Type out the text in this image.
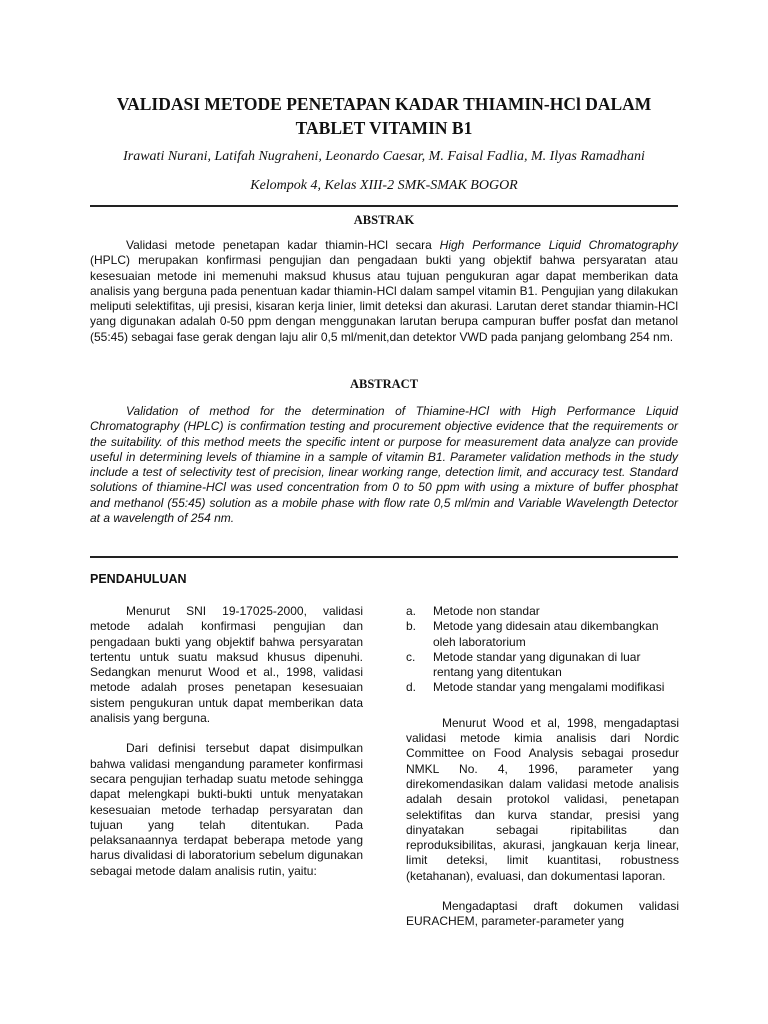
VALIDASI METODE PENETAPAN KADAR THIAMIN-HCl DALAM TABLET VITAMIN B1
Irawati Nurani, Latifah Nugraheni, Leonardo Caesar, M. Faisal Fadlia, M. Ilyas Ramadhani
Kelompok 4, Kelas XIII-2 SMK-SMAK BOGOR
ABSTRAK

Validasi metode penetapan kadar thiamin-HCl secara High Performance Liquid Chromatography (HPLC) merupakan konfirmasi pengujian dan pengadaan bukti yang objektif bahwa persyaratan atau kesesuaian metode ini memenuhi maksud khusus atau tujuan pengukuran agar dapat memberikan data analisis yang berguna pada penentuan kadar thiamin-HCl dalam sampel vitamin B1. Pengujian yang dilakukan meliputi selektifitas, uji presisi, kisaran kerja linier, limit deteksi dan akurasi. Larutan deret standar thiamin-HCl yang digunakan adalah 0-50 ppm dengan menggunakan larutan berupa campuran buffer posfat dan metanol (55:45) sebagai fase gerak dengan laju alir 0,5 ml/menit,dan detektor VWD pada panjang gelombang 254 nm.

ABSTRACT

Validation of method for the determination of Thiamine-HCl with High Performance Liquid Chromatography (HPLC) is confirmation testing and procurement objective evidence that the requirements or the suitability. of this method meets the specific intent or purpose for measurement data analyze can provide useful in determining levels of thiamine in a sample of vitamin B1. Parameter validation methods in the study include a test of selectivity test of precision, linear working range, detection limit, and accuracy test. Standard solutions of thiamine-HCl was used concentration from 0 to 50 ppm with using a mixture of buffer phosphat and methanol (55:45) solution as a mobile phase with flow rate 0,5 ml/min and Variable Wavelength Detector at a wavelength of 254 nm.

PENDAHULUAN

Menurut SNI 19-17025-2000, validasi metode adalah konfirmasi pengujian dan pengadaan bukti yang objektif bahwa persyaratan tertentu untuk suatu maksud khusus dipenuhi. Sedangkan menurut Wood et al., 1998, validasi metode adalah proses penetapan kesesuaian sistem pengukuran untuk dapat memberikan data analisis yang berguna.

Dari definisi tersebut dapat disimpulkan bahwa validasi mengandung parameter konfirmasi secara pengujian terhadap suatu metode sehingga dapat melengkapi bukti-bukti untuk menyatakan kesesuaian metode terhadap persyaratan dan tujuan yang telah ditentukan. Pada pelaksanaannya terdapat beberapa metode yang harus divalidasi di laboratorium sebelum digunakan sebagai metode dalam analisis rutin, yaitu:

a.	Metode non standar
b.	Metode yang didesain atau dikembangkan oleh laboratorium
c.	Metode standar yang digunakan di luar rentang yang ditentukan
d.	Metode standar yang mengalami modifikasi

Menurut Wood et al, 1998, mengadaptasi validasi metode kimia analisis dari Nordic Committee on Food Analysis sebagai prosedur NMKL No. 4, 1996, parameter yang direkomendasikan dalam validasi metode analisis adalah desain protokol validasi, penetapan selektifitas dan kurva standar, presisi yang dinyatakan sebagai ripitabilitas dan reproduksibilitas, akurasi, jangkauan kerja linear, limit deteksi, limit kuantitasi, robustness (ketahanan), evaluasi, dan dokumentasi laporan.

Mengadaptasi draft dokumen validasi EURACHEM, parameter-parameter yang
